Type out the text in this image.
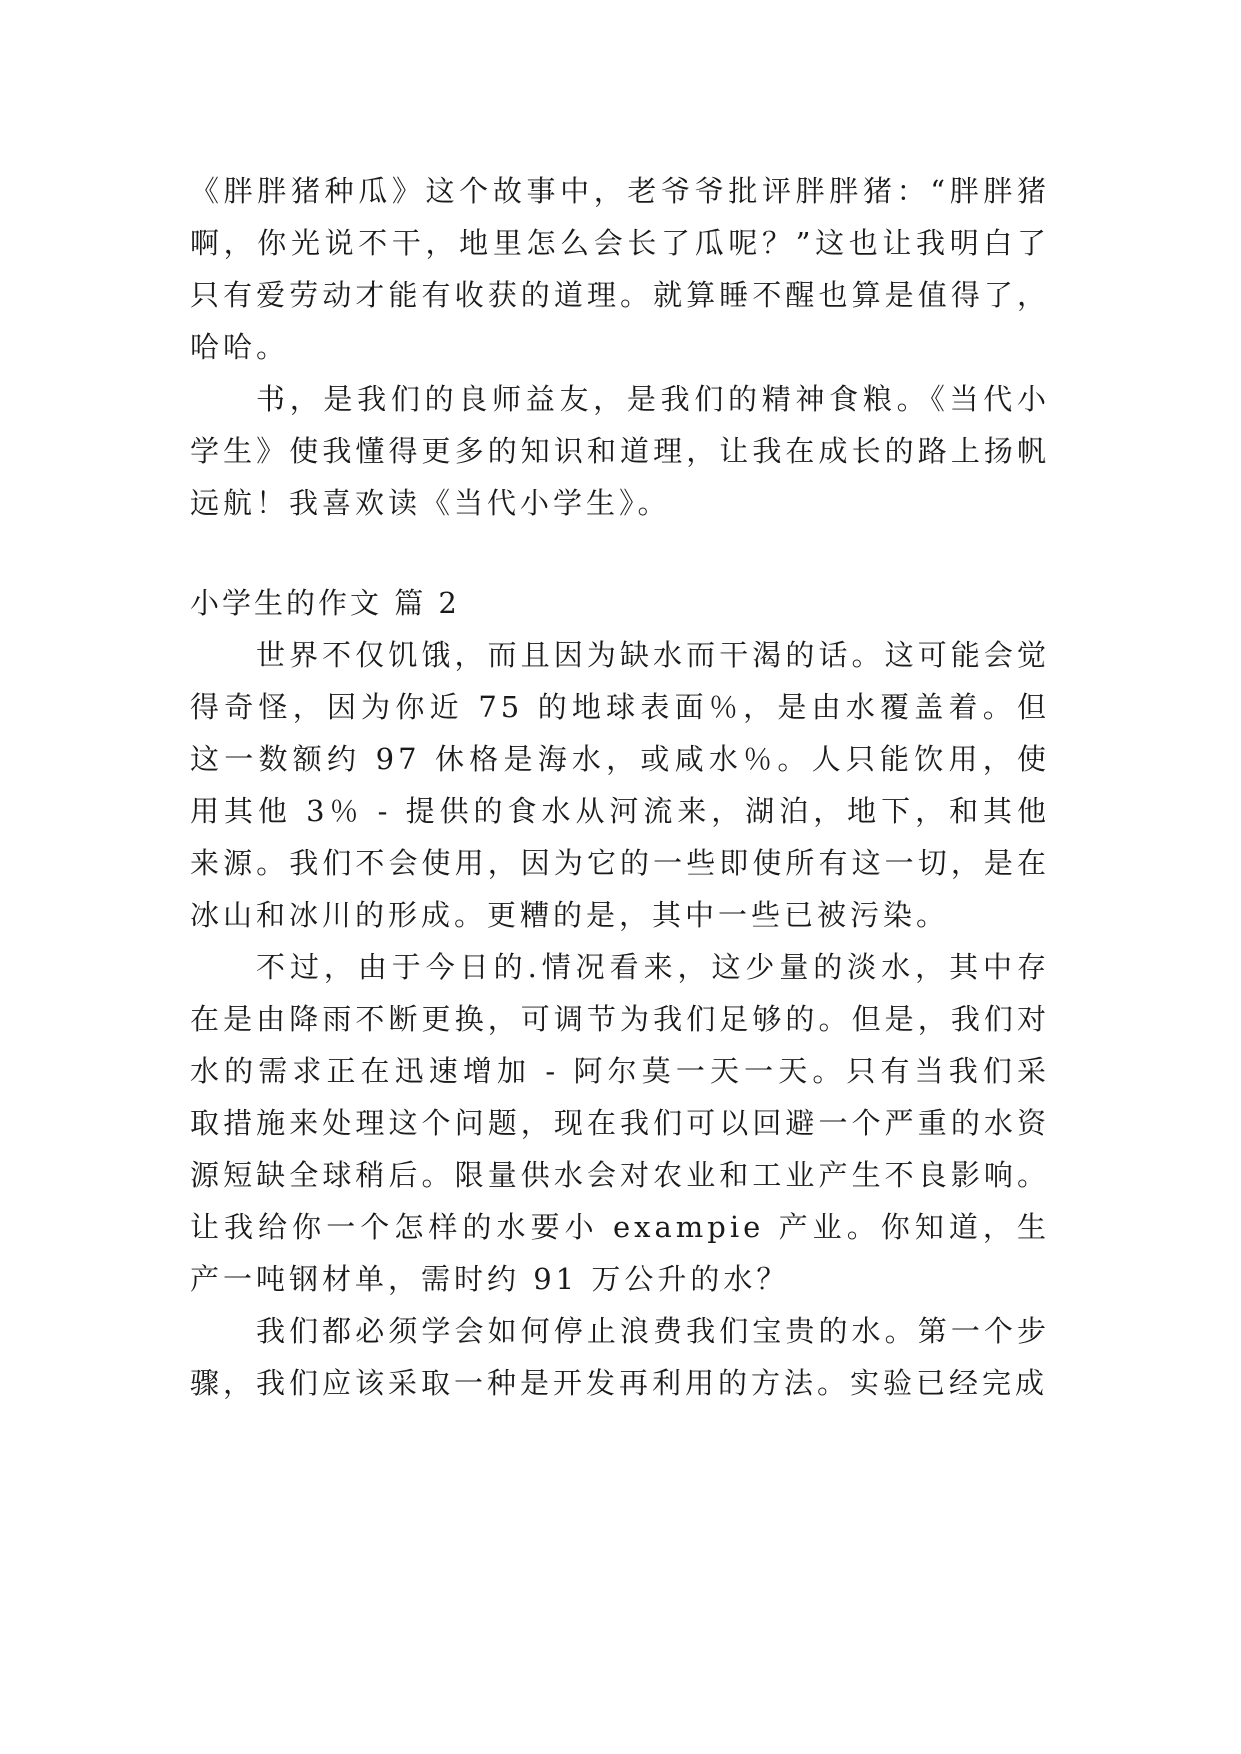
《胖胖猪种瓜》这个故事中，老爷爷批评胖胖猪：“胖胖猪啊，你光说不干，地里怎么会长了瓜呢？”这也让我明白了只有爱劳动才能有收获的道理。就算睡不醒也算是值得了，哈哈。

书，是我们的良师益友，是我们的精神食粮。《当代小学生》使我懂得更多的知识和道理，让我在成长的路上扬帆远航！我喜欢读《当代小学生》。

小学生的作文 篇 2

世界不仅饥饿，而且因为缺水而干渴的话。这可能会觉得奇怪，因为你近 75 的地球表面％，是由水覆盖着。但这一数额约 97 休格是海水，或咸水％。人只能饮用，使用其他 3％ - 提供的食水从河流来，湖泊，地下，和其他来源。我们不会使用，因为它的一些即使所有这一切，是在冰山和冰川的形成。更糟的是，其中一些已被污染。

不过，由于今日的.情况看来，这少量的淡水，其中存在是由降雨不断更换，可调节为我们足够的。但是，我们对水的需求正在迅速增加 - 阿尔莫一天一天。只有当我们采取措施来处理这个问题，现在我们可以回避一个严重的水资源短缺全球稍后。限量供水会对农业和工业产生不良影响。让我给你一个怎样的水要小 exampie 产业。你知道，生产一吨钢材单，需时约 91 万公升的水？

我们都必须学会如何停止浪费我们宝贵的水。第一个步骤，我们应该采取一种是开发再利用的方法。实验已经完成
